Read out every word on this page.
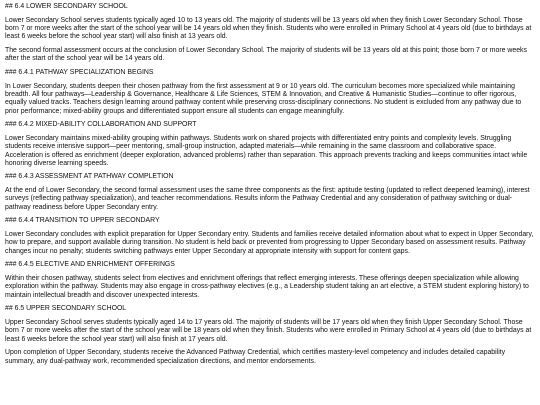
## 6.4 LOWER SECONDARY SCHOOL
Lower Secondary School serves students typically aged 10 to 13 years old. The majority of students will be 13 years old when they finish Lower Secondary School. Those born 7 or more weeks after the start of the school year will be 14 years old when they finish. Students who were enrolled in Primary School at 4 years old (due to birthdays at least 6 weeks before the school year start) will also finish at 13 years old.
The second formal assessment occurs at the conclusion of Lower Secondary School. The majority of students will be 13 years old at this point; those born 7 or more weeks after the start of the school year will be 14 years old.
### 6.4.1 PATHWAY SPECIALIZATION BEGINS
In Lower Secondary, students deepen their chosen pathway from the first assessment at 9 or 10 years old. The curriculum becomes more specialized while maintaining breadth. All four pathways—Leadership & Governance, Healthcare & Life Sciences, STEM & Innovation, and Creative & Humanistic Studies—continue to offer rigorous, equally valued tracks. Teachers design learning around pathway content while preserving cross-disciplinary connections. No student is excluded from any pathway due to prior performance; mixed-ability groups and differentiated support ensure all students can engage meaningfully.
### 6.4.2 MIXED-ABILITY COLLABORATION AND SUPPORT
Lower Secondary maintains mixed-ability grouping within pathways. Students work on shared projects with differentiated entry points and complexity levels. Struggling students receive intensive support—peer mentoring, small-group instruction, adapted materials—while remaining in the same classroom and collaborative space. Acceleration is offered as enrichment (deeper exploration, advanced problems) rather than separation. This approach prevents tracking and keeps communities intact while honoring diverse learning speeds.
### 6.4.3 ASSESSMENT AT PATHWAY COMPLETION
At the end of Lower Secondary, the second formal assessment uses the same three components as the first: aptitude testing (updated to reflect deepened learning), interest surveys (reflecting pathway specialization), and teacher recommendations. Results inform the Pathway Credential and any consideration of pathway switching or dual-pathway readiness before Upper Secondary entry.
### 6.4.4 TRANSITION TO UPPER SECONDARY
Lower Secondary concludes with explicit preparation for Upper Secondary entry. Students and families receive detailed information about what to expect in Upper Secondary, how to prepare, and support available during transition. No student is held back or prevented from progressing to Upper Secondary based on assessment results. Pathway changes incur no penalty; students switching pathways enter Upper Secondary at appropriate intensity with support for content gaps.
### 6.4.5 ELECTIVE AND ENRICHMENT OFFERINGS
Within their chosen pathway, students select from electives and enrichment offerings that reflect emerging interests. These offerings deepen specialization while allowing exploration within the pathway. Students may also engage in cross-pathway electives (e.g., a Leadership student taking an art elective, a STEM student exploring history) to maintain intellectual breadth and discover unexpected interests.
## 6.5 UPPER SECONDARY SCHOOL
Upper Secondary School serves students typically aged 14 to 17 years old. The majority of students will be 17 years old when they finish Upper Secondary School. Those born 7 or more weeks after the start of the school year will be 18 years old when they finish. Students who were enrolled in Primary School at 4 years old (due to birthdays at least 6 weeks before the school year start) will also finish at 17 years old.
Upon completion of Upper Secondary, students receive the Advanced Pathway Credential, which certifies mastery-level competency and includes detailed capability summary, any dual-pathway work, recommended specialization directions, and mentor endorsements.
